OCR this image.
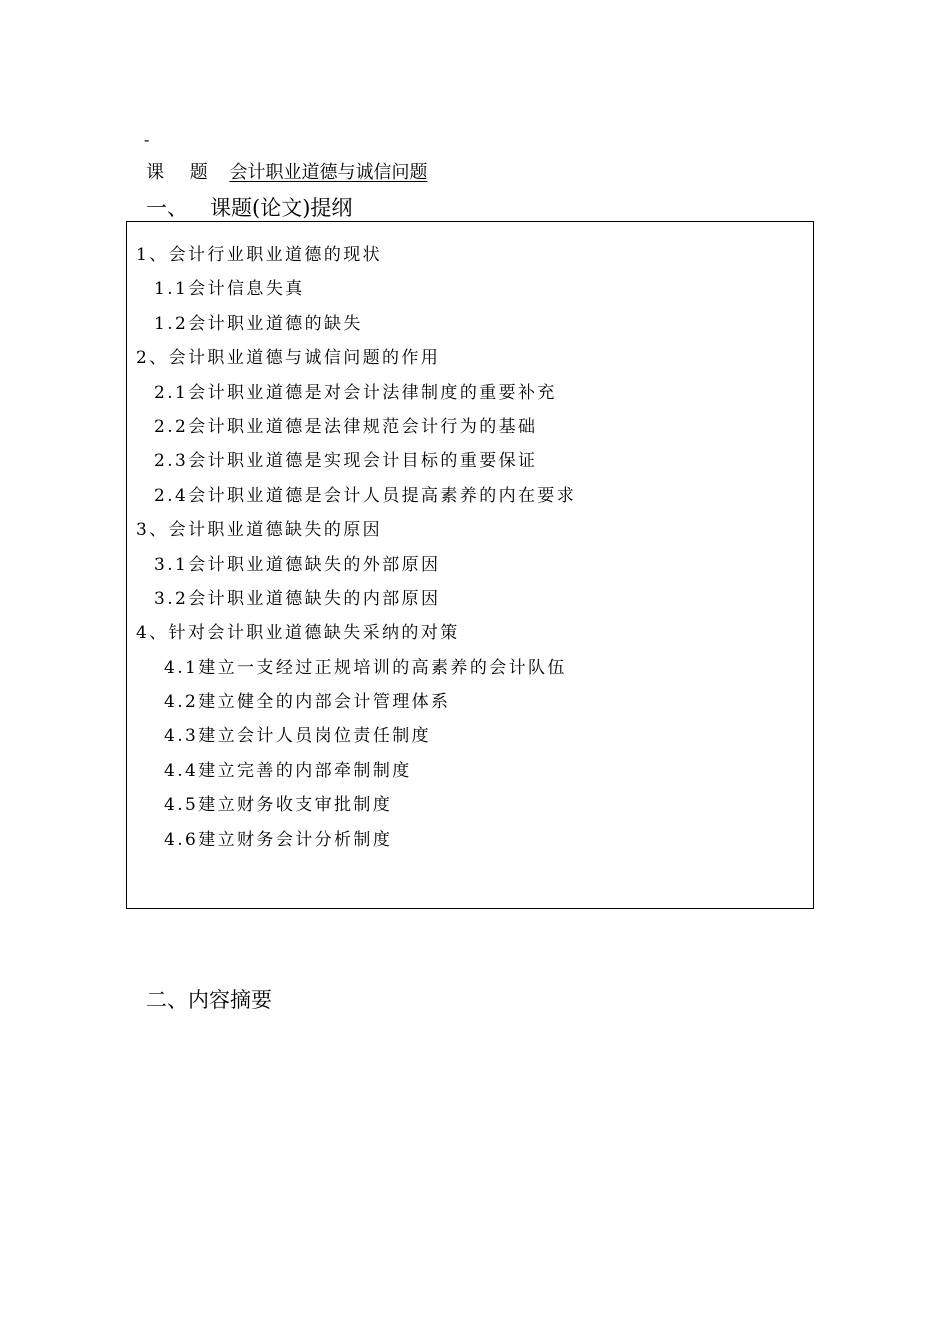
-
课 题 会计职业道德与诚信问题
一、 课题(论文)提纲
1、会计行业职业道德的现状
1.1会计信息失真
1.2会计职业道德的缺失
2、会计职业道德与诚信问题的作用
2.1会计职业道德是对会计法律制度的重要补充
2.2会计职业道德是法律规范会计行为的基础
2.3会计职业道德是实现会计目标的重要保证
2.4会计职业道德是会计人员提高素养的内在要求
3、会计职业道德缺失的原因
3.1会计职业道德缺失的外部原因
3.2会计职业道德缺失的内部原因
4、针对会计职业道德缺失采纳的对策
4.1建立一支经过正规培训的高素养的会计队伍
4.2建立健全的内部会计管理体系
4.3建立会计人员岗位责任制度
4.4建立完善的内部牵制制度
4.5建立财务收支审批制度
4.6建立财务会计分析制度
二、内容摘要
